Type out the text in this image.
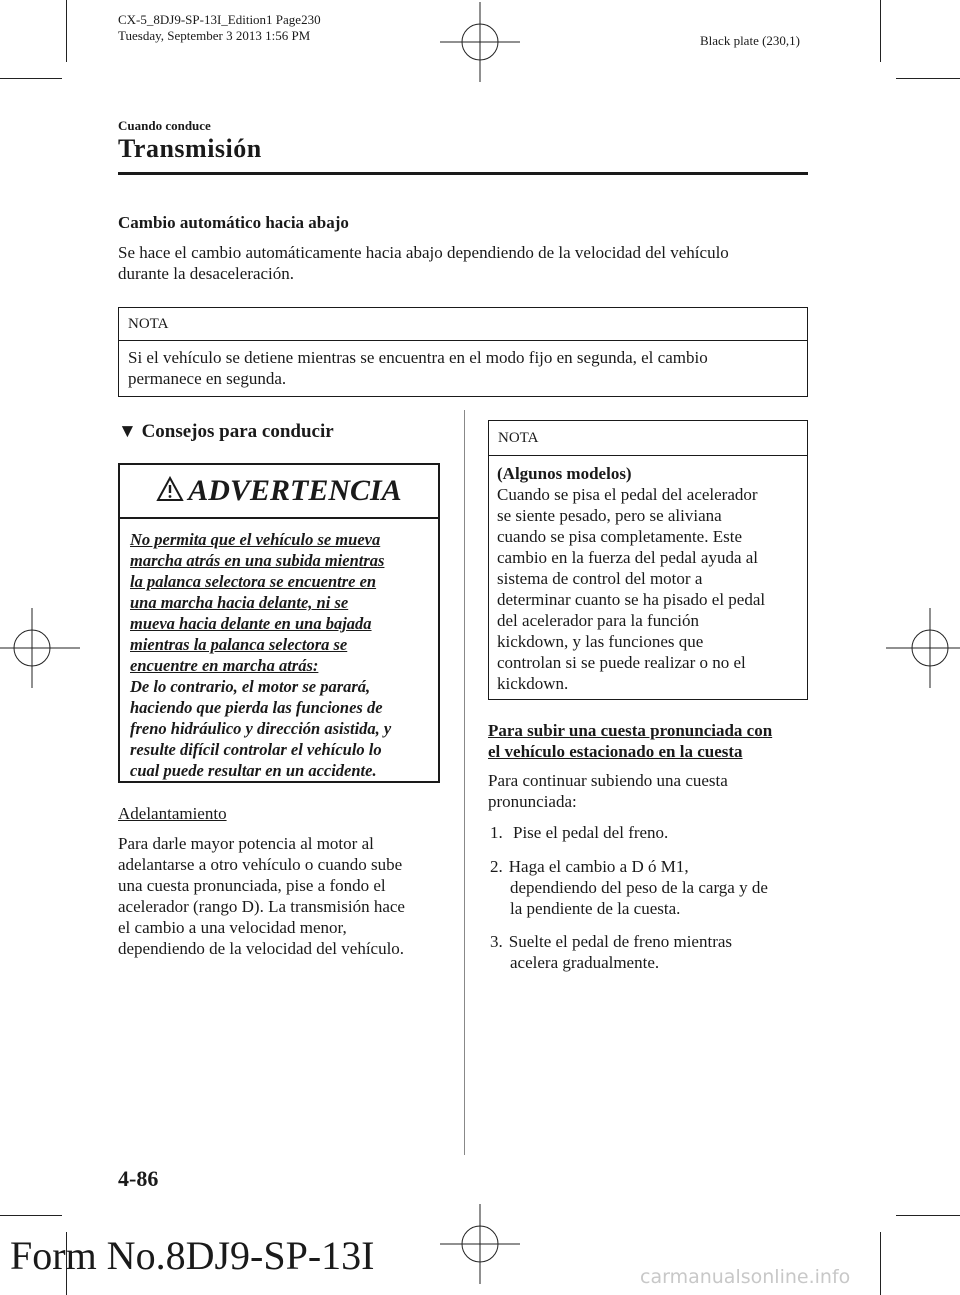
CX-5_8DJ9-SP-13I_Edition1 Page230
Tuesday, September 3 2013 1:56 PM	Black plate (230,1)
Cuando conduce
Transmisión
Cambio automático hacia abajo
Se hace el cambio automáticamente hacia abajo dependiendo de la velocidad del vehículo
durante la desaceleración.
NOTA
Si el vehículo se detiene mientras se encuentra en el modo fijo en segunda, el cambio
permanece en segunda.
▼ Consejos para conducir
ADVERTENCIA
No permita que el vehículo se mueva
marcha atrás en una subida mientras
la palanca selectora se encuentre en
una marcha hacia delante, ni se
mueva hacia delante en una bajada
mientras la palanca selectora se
encuentre en marcha atrás:
De lo contrario, el motor se parará,
haciendo que pierda las funciones de
freno hidráulico y dirección asistida, y
resulte difícil controlar el vehículo lo
cual puede resultar en un accidente.
Adelantamiento
Para darle mayor potencia al motor al
adelantarse a otro vehículo o cuando sube
una cuesta pronunciada, pise a fondo el
acelerador (rango D). La transmisión hace
el cambio a una velocidad menor,
dependiendo de la velocidad del vehículo.
NOTA
(Algunos modelos)
Cuando se pisa el pedal del acelerador
se siente pesado, pero se aliviana
cuando se pisa completamente. Este
cambio en la fuerza del pedal ayuda al
sistema de control del motor a
determinar cuanto se ha pisado el pedal
del acelerador para la función
kickdown, y las funciones que
controlan si se puede realizar o no el
kickdown.
Para subir una cuesta pronunciada con
el vehículo estacionado en la cuesta
Para continuar subiendo una cuesta
pronunciada:
1. Pise el pedal del freno.
2. Haga el cambio a D ó M1,
dependiendo del peso de la carga y de
la pendiente de la cuesta.
3. Suelte el pedal de freno mientras
acelera gradualmente.
4-86
Form No.8DJ9-SP-13I	carmanualsonline.info
